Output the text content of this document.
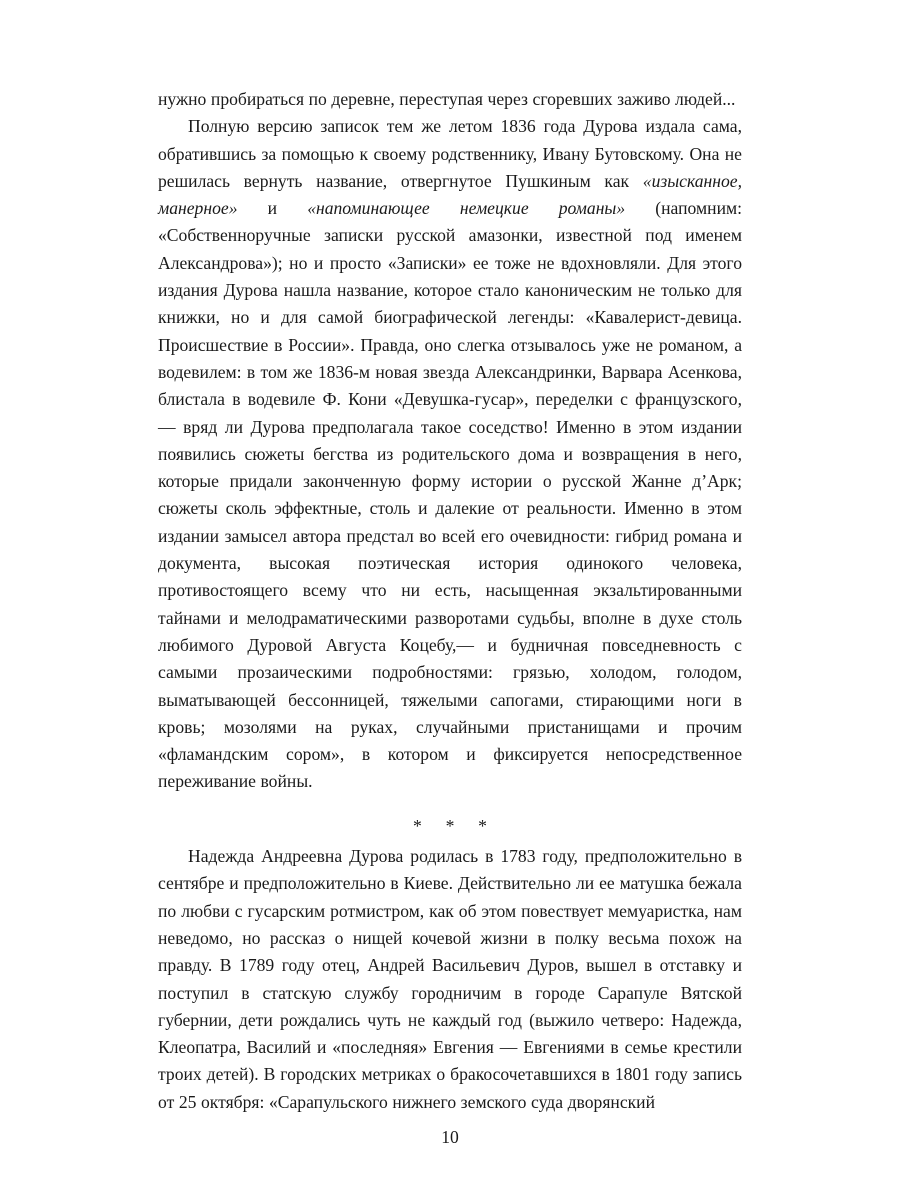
нужно пробираться по деревне, переступая через сгоревших заживо людей...

Полную версию записок тем же летом 1836 года Дурова издала сама, обратившись за помощью к своему родственнику, Ивану Бутовскому. Она не решилась вернуть название, отвергнутое Пушкиным как «изысканное, манерное» и «напоминающее немецкие романы» (напомним: «Собственноручные записки русской амазонки, известной под именем Александрова»); но и просто «Записки» ее тоже не вдохновляли. Для этого издания Дурова нашла название, которое стало каноническим не только для книжки, но и для самой биографической легенды: «Кавалерист-девица. Происшествие в России». Правда, оно слегка отзывалось уже не романом, а водевилем: в том же 1836-м новая звезда Александринки, Варвара Асенкова, блистала в водевиле Ф. Кони «Девушка-гусар», переделки с французского, — вряд ли Дурова предполагала такое соседство! Именно в этом издании появились сюжеты бегства из родительского дома и возвращения в него, которые придали законченную форму истории о русской Жанне д’Арк; сюжеты сколь эффектные, столь и далекие от реальности. Именно в этом издании замысел автора предстал во всей его очевидности: гибрид романа и документа, высокая поэтическая история одинокого человека, противостоящего всему что ни есть, насыщенная экзальтированными тайнами и мелодраматическими разворотами судьбы, вполне в духе столь любимого Дуровой Августа Коцебу,— и будничная повседневность с самыми прозаическими подробностями: грязью, холодом, голодом, выматывающей бессонницей, тяжелыми сапогами, стирающими ноги в кровь; мозолями на руках, случайными пристанищами и прочим «фламандским сором», в котором и фиксируется непосредственное переживание войны.

* * *

Надежда Андреевна Дурова родилась в 1783 году, предположительно в сентябре и предположительно в Киеве. Действительно ли ее матушка бежала по любви с гусарским ротмистром, как об этом повествует мемуаристка, нам неведомо, но рассказ о нищей кочевой жизни в полку весьма похож на правду. В 1789 году отец, Андрей Васильевич Дуров, вышел в отставку и поступил в статскую службу городничим в городе Сарапуле Вятской губернии, дети рождались чуть не каждый год (выжило четверо: Надежда, Клеопатра, Василий и «последняя» Евгения — Евгениями в семье крестили троих детей). В городских метриках о бракосочетавшихся в 1801 году запись от 25 октября: «Сарапульского нижнего земского суда дворянский

10
